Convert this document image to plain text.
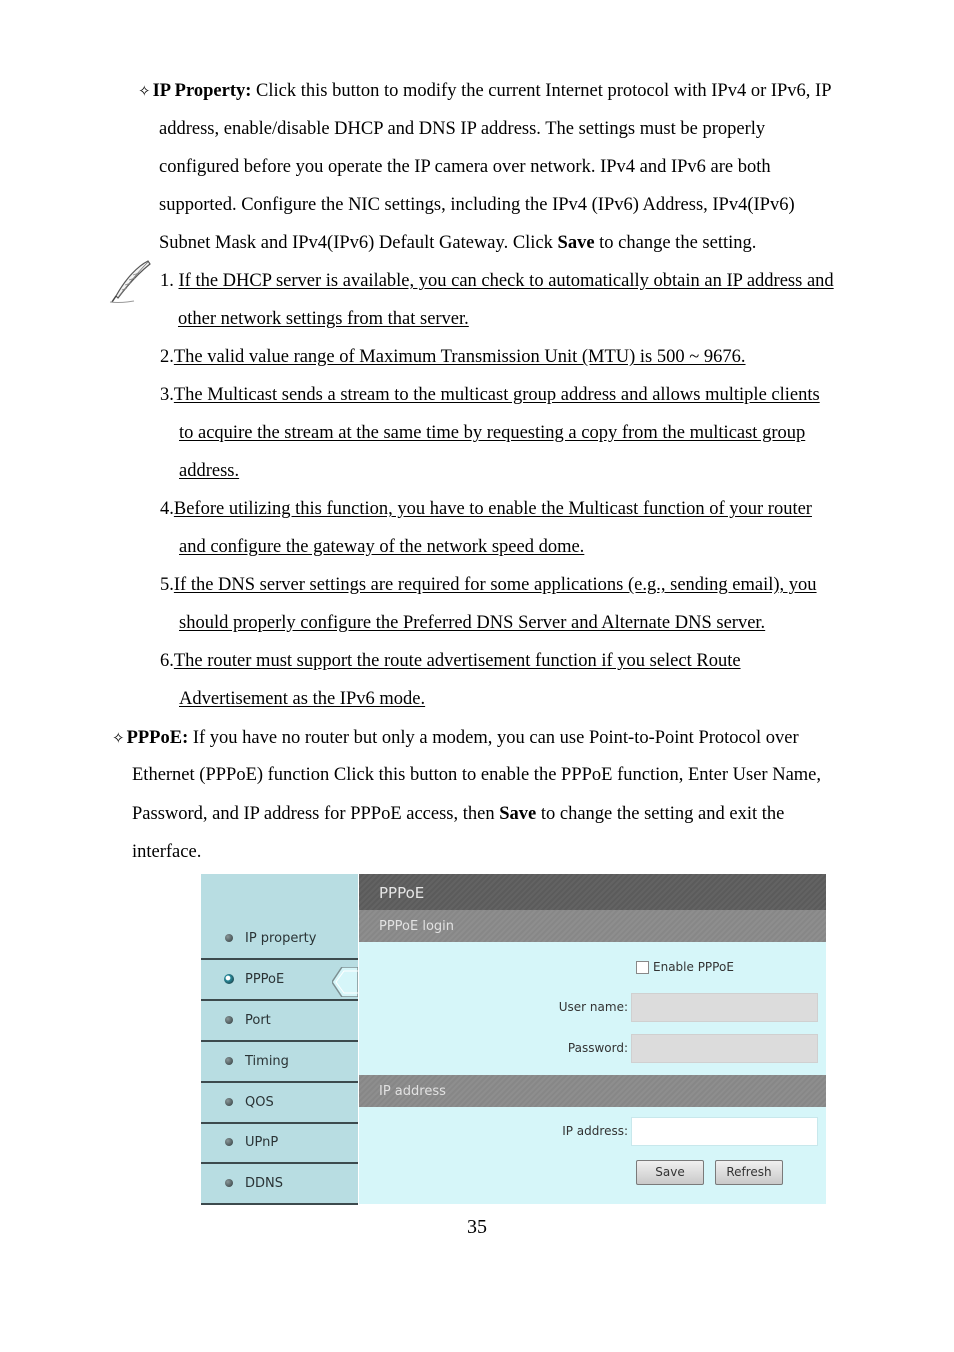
✧ IP Property: Click this button to modify the current Internet protocol with IPv4 or IPv6, IP
address, enable/disable DHCP and DNS IP address. The settings must be properly
configured before you operate the IP camera over network. IPv4 and IPv6 are both
supported. Configure the NIC settings, including the IPv4 (IPv6) Address, IPv4(IPv6)
Subnet Mask and IPv4(IPv6) Default Gateway. Click Save to change the setting.
1. If the DHCP server is available, you can check to automatically obtain an IP address and
other network settings from that server.
2.The valid value range of Maximum Transmission Unit (MTU) is 500 ~ 9676.
3.The Multicast sends a stream to the multicast group address and allows multiple clients
to acquire the stream at the same time by requesting a copy from the multicast group
address.
4.Before utilizing this function, you have to enable the Multicast function of your router
and configure the gateway of the network speed dome.
5.If the DNS server settings are required for some applications (e.g., sending email), you
should properly configure the Preferred DNS Server and Alternate DNS server.
6.The router must support the route advertisement function if you select Route
Advertisement as the IPv6 mode.
✧ PPPoE: If you have no router but only a modem, you can use Point-to-Point Protocol over
Ethernet (PPPoE) function Click this button to enable the PPPoE function, Enter User Name,
Password, and IP address for PPPoE access, then Save to change the setting and exit the
interface.
IP property
PPPoE
Port
Timing
QOS
UPnP
DDNS
PPPoE
PPPoE login
Enable PPPoE
User name:
Password:
IP address
IP address:
Save	Refresh
35
